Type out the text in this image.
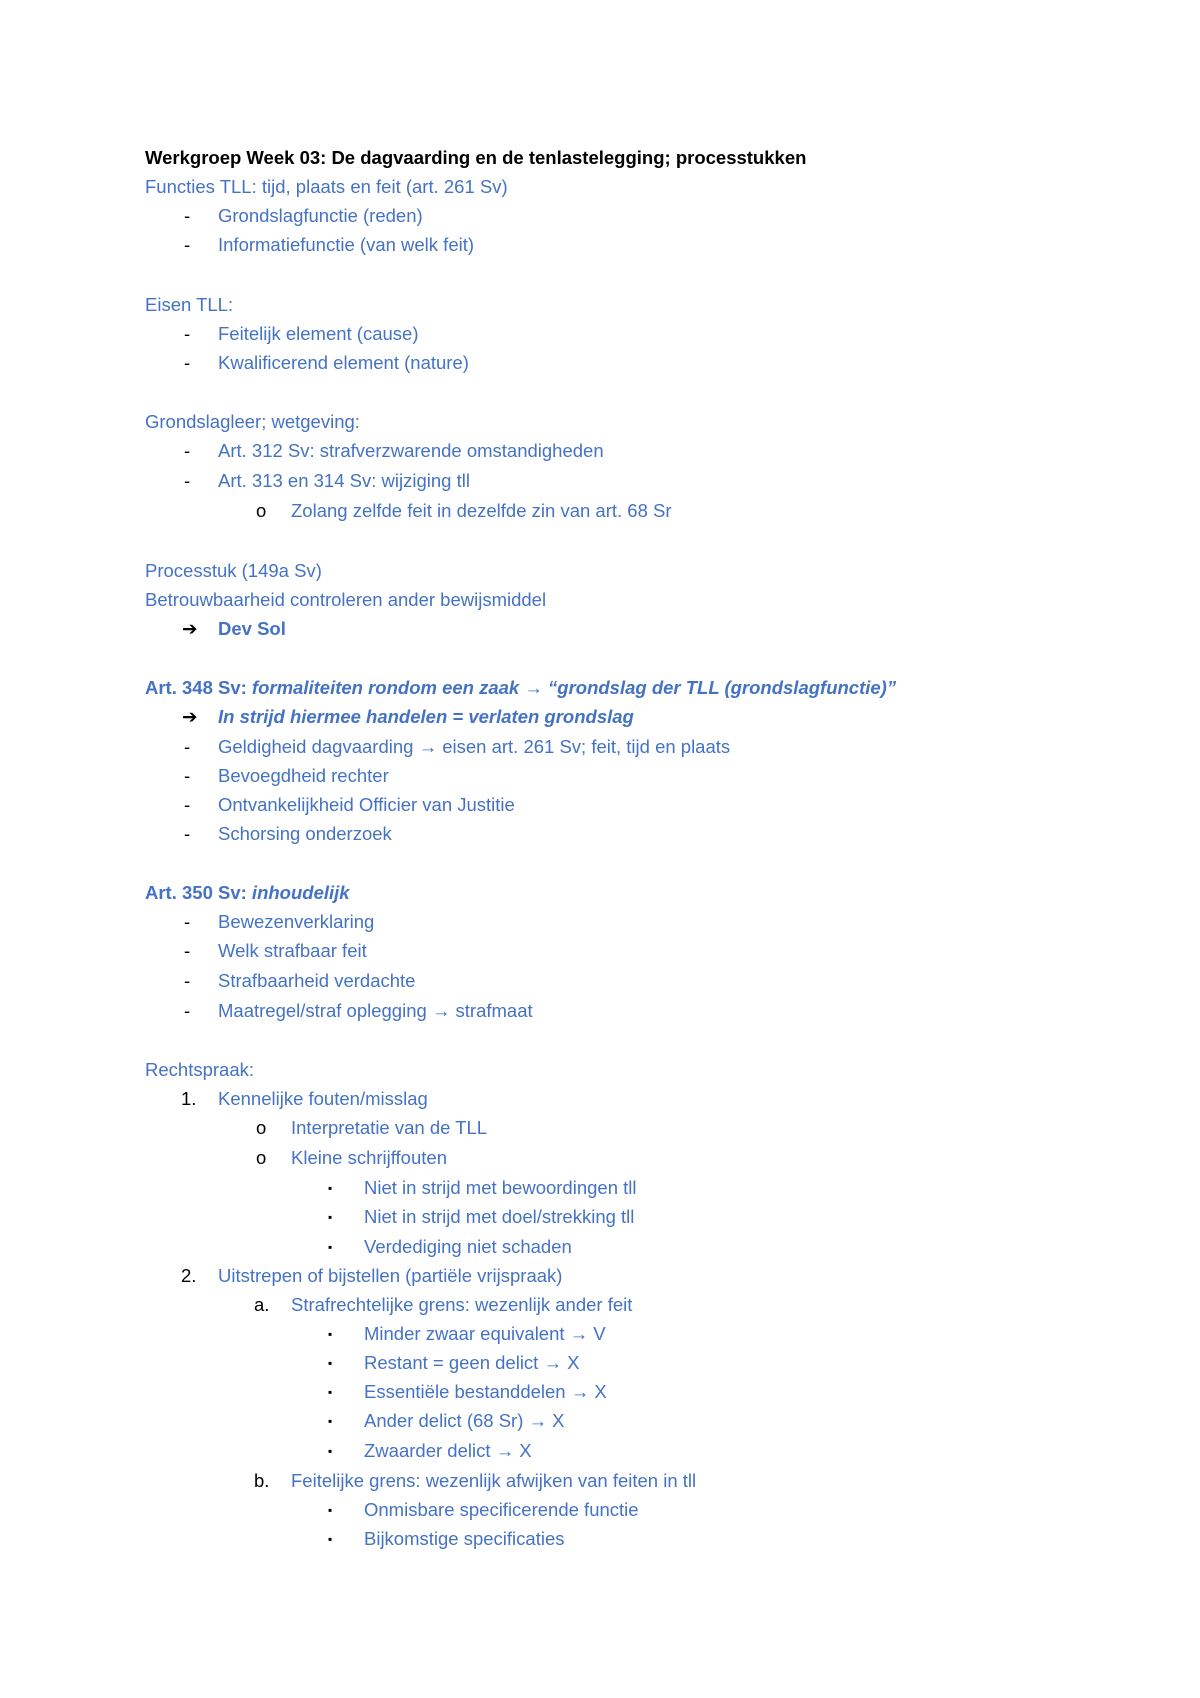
Werkgroep Week 03: De dagvaarding en de tenlastelegging; processtukken
Functies TLL: tijd, plaats en feit (art. 261 Sv)
-	Grondslagfunctie (reden)
-	Informatiefunctie (van welk feit)
Eisen TLL:
-	Feitelijk element (cause)
-	Kwalificerend element (nature)
Grondslagleer; wetgeving:
-	Art. 312 Sv: strafverzwarende omstandigheden
-	Art. 313 en 314 Sv: wijziging tll
o	Zolang zelfde feit in dezelfde zin van art. 68 Sr
Processtuk (149a Sv)
Betrouwbaarheid controleren ander bewijsmiddel
➔	Dev Sol
Art. 348 Sv: formaliteiten rondom een zaak → “grondslag der TLL (grondslagfunctie)”
➔	In strijd hiermee handelen = verlaten grondslag
-	Geldigheid dagvaarding → eisen art. 261 Sv; feit, tijd en plaats
-	Bevoegdheid rechter
-	Ontvankelijkheid Officier van Justitie
-	Schorsing onderzoek
Art. 350 Sv: inhoudelijk
-	Bewezenverklaring
-	Welk strafbaar feit
-	Strafbaarheid verdachte
-	Maatregel/straf oplegging → strafmaat
Rechtspraak:
1.	Kennelijke fouten/misslag
o	Interpretatie van de TLL
o	Kleine schrijffouten
▪	Niet in strijd met bewoordingen tll
▪	Niet in strijd met doel/strekking tll
▪	Verdediging niet schaden
2.	Uitstrepen of bijstellen (partiële vrijspraak)
a.	Strafrechtelijke grens: wezenlijk ander feit
▪	Minder zwaar equivalent → V
▪	Restant = geen delict → X
▪	Essentiële bestanddelen → X
▪	Ander delict (68 Sr) → X
▪	Zwaarder delict → X
b.	Feitelijke grens: wezenlijk afwijken van feiten in tll
▪	Onmisbare specificerende functie
▪	Bijkomstige specificaties
